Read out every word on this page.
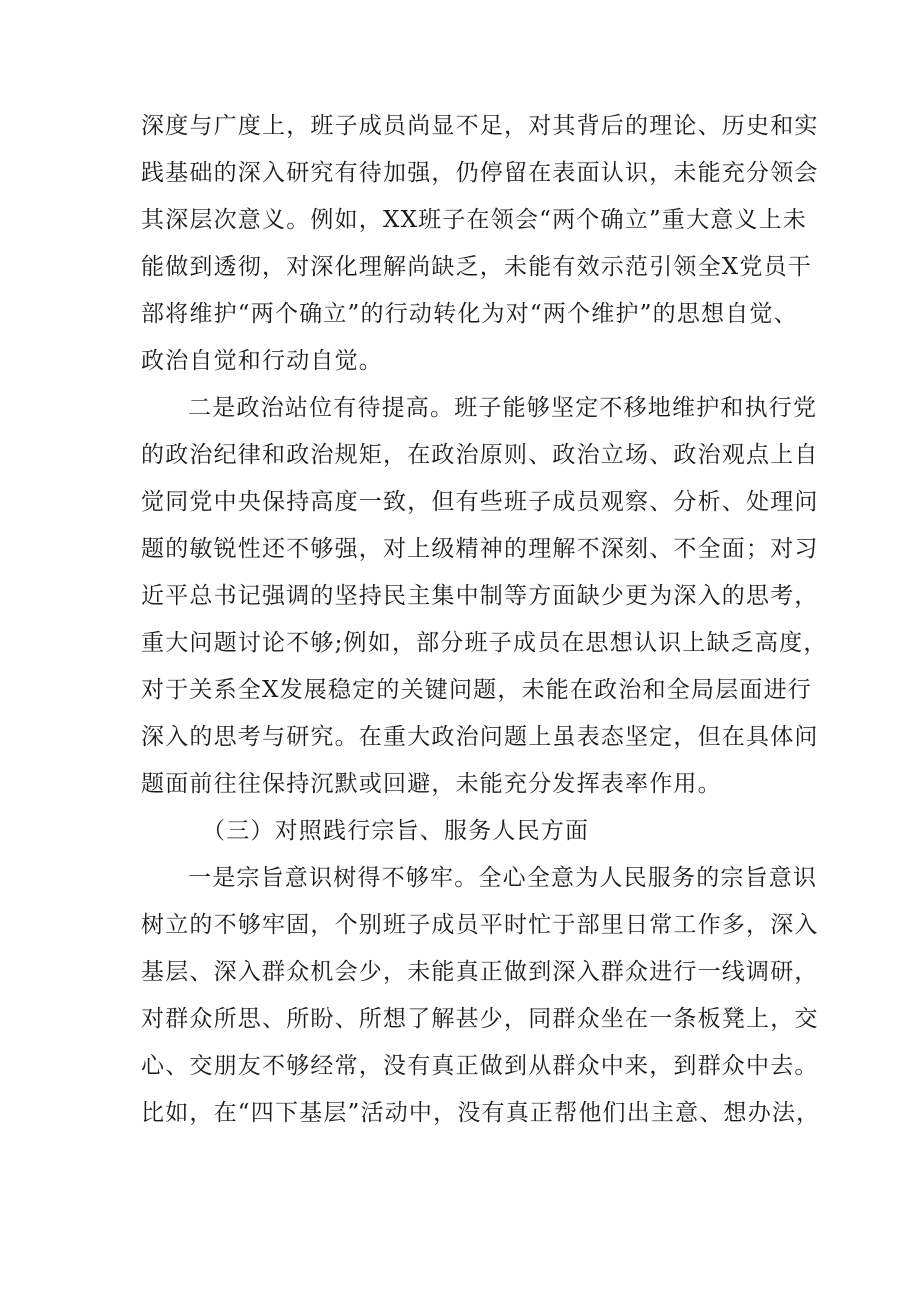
深度与广度上，班子成员尚显不足，对其背后的理论、历史和实
践基础的深入研究有待加强，仍停留在表面认识，未能充分领会
其深层次意义。例如，XX班子在领会“两个确立”重大意义上未
能做到透彻，对深化理解尚缺乏，未能有效示范引领全X党员干
部将维护“两个确立”的行动转化为对“两个维护”的思想自觉、
政治自觉和行动自觉。
二是政治站位有待提高。班子能够坚定不移地维护和执行党
的政治纪律和政治规矩，在政治原则、政治立场、政治观点上自
觉同党中央保持高度一致，但有些班子成员观察、分析、处理问
题的敏锐性还不够强，对上级精神的理解不深刻、不全面；对习
近平总书记强调的坚持民主集中制等方面缺少更为深入的思考，
重大问题讨论不够;例如，部分班子成员在思想认识上缺乏高度，
对于关系全X发展稳定的关键问题，未能在政治和全局层面进行
深入的思考与研究。在重大政治问题上虽表态坚定，但在具体问
题面前往往保持沉默或回避，未能充分发挥表率作用。
（三）对照践行宗旨、服务人民方面
一是宗旨意识树得不够牢。全心全意为人民服务的宗旨意识
树立的不够牢固，个别班子成员平时忙于部里日常工作多，深入
基层、深入群众机会少，未能真正做到深入群众进行一线调研，
对群众所思、所盼、所想了解甚少，同群众坐在一条板凳上，交
心、交朋友不够经常，没有真正做到从群众中来，到群众中去。
比如，在“四下基层”活动中，没有真正帮他们出主意、想办法，
